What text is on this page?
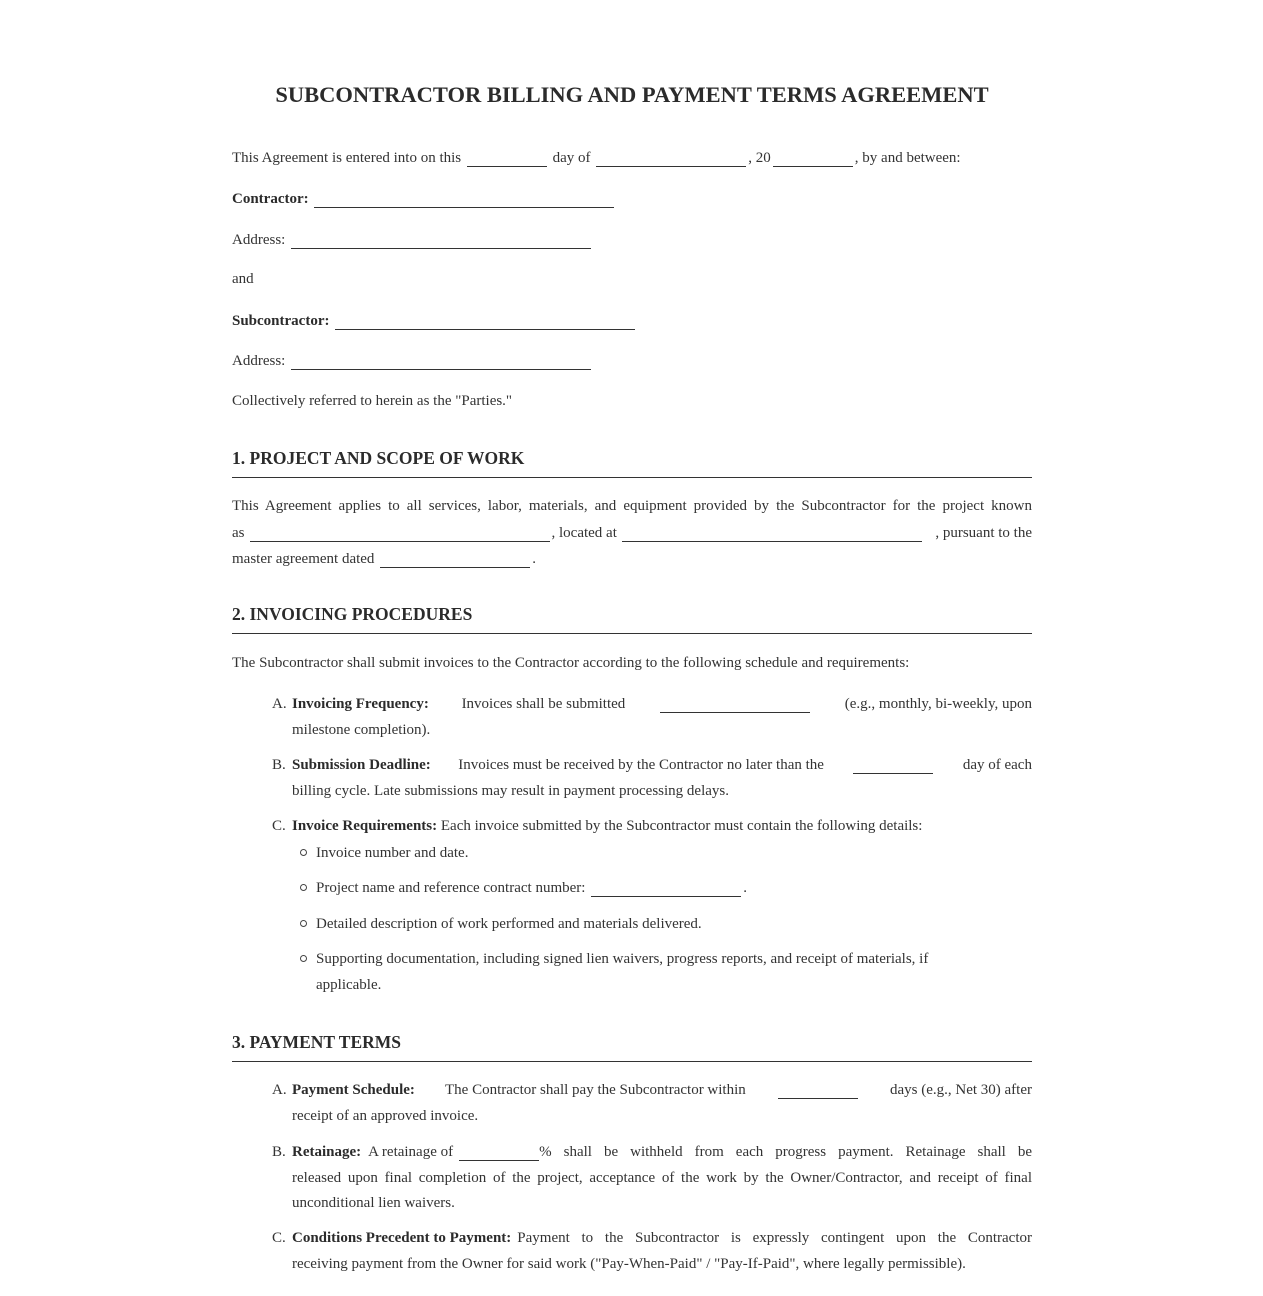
SUBCONTRACTOR BILLING AND PAYMENT TERMS AGREEMENT
This Agreement is entered into on this	day of	, 20	, by and between:
Contractor:
Address:
and
Subcontractor:
Address:
Collectively referred to herein as the "Parties."
1. PROJECT AND SCOPE OF WORK
This Agreement applies to all services, labor, materials, and equipment provided by the Subcontractor for the project known
as	, located at	, pursuant to the
master agreement dated	.
2. INVOICING PROCEDURES
The Subcontractor shall submit invoices to the Contractor according to the following schedule and requirements:
A. Invoicing Frequency: Invoices shall be submitted	(e.g., monthly, bi-weekly, upon
milestone completion).
B. Submission Deadline: Invoices must be received by the Contractor no later than the	day of each
billing cycle. Late submissions may result in payment processing delays.
C. Invoice Requirements: Each invoice submitted by the Subcontractor must contain the following details:
Invoice number and date.
Project name and reference contract number:	.
Detailed description of work performed and materials delivered.
Supporting documentation, including signed lien waivers, progress reports, and receipt of materials, if
applicable.
3. PAYMENT TERMS
A. Payment Schedule: The Contractor shall pay the Subcontractor within	days (e.g., Net 30) after
receipt of an approved invoice.
B. Retainage: A retainage of	% shall be withheld from each progress payment. Retainage shall be
released upon final completion of the project, acceptance of the work by the Owner/Contractor, and receipt of final
unconditional lien waivers.
C. Conditions Precedent to Payment: Payment to the Subcontractor is expressly contingent upon the Contractor
receiving payment from the Owner for said work ("Pay-When-Paid" / "Pay-If-Paid", where legally permissible).
